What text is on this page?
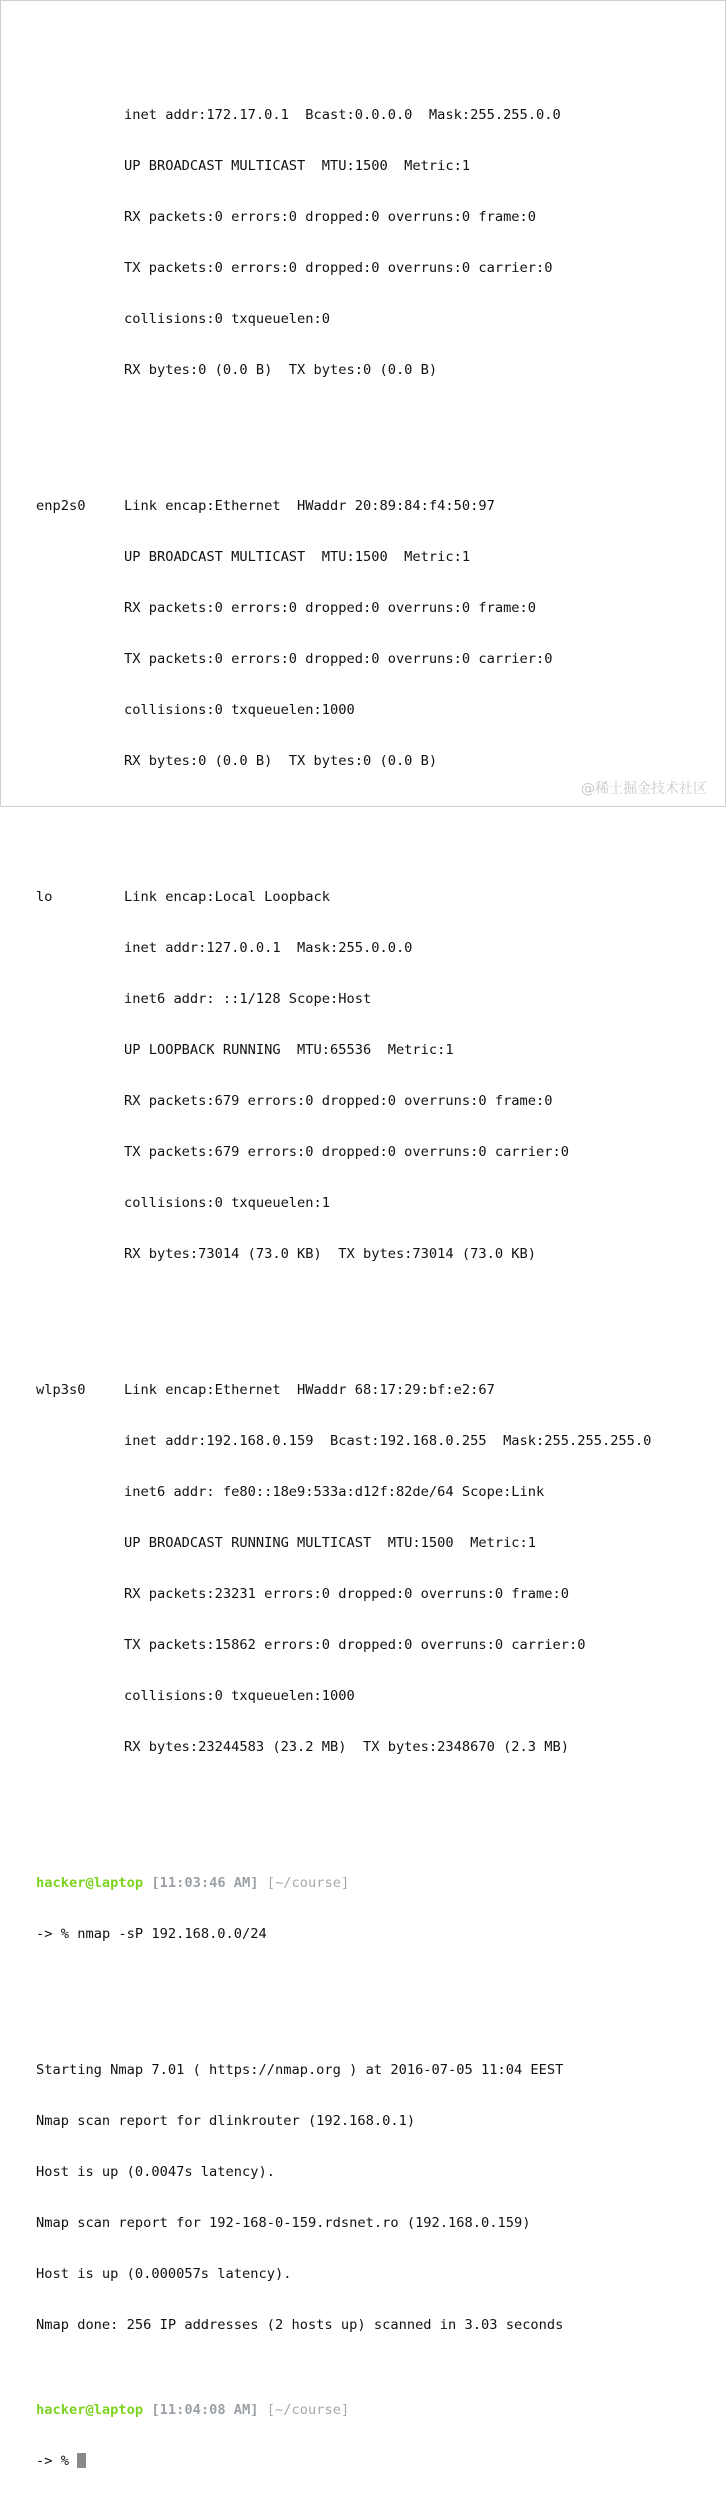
inet addr:172.17.0.1  Bcast:0.0.0.0  Mask:255.255.0.0

UP BROADCAST MULTICAST  MTU:1500  Metric:1

RX packets:0 errors:0 dropped:0 overruns:0 frame:0

TX packets:0 errors:0 dropped:0 overruns:0 carrier:0

collisions:0 txqueuelen:0

RX bytes:0 (0.0 B)  TX bytes:0 (0.0 B)

enp2s0	Link encap:Ethernet  HWaddr 20:89:84:f4:50:97

UP BROADCAST MULTICAST  MTU:1500  Metric:1

RX packets:0 errors:0 dropped:0 overruns:0 frame:0

TX packets:0 errors:0 dropped:0 overruns:0 carrier:0

collisions:0 txqueuelen:1000

RX bytes:0 (0.0 B)  TX bytes:0 (0.0 B)

lo	Link encap:Local Loopback

inet addr:127.0.0.1  Mask:255.0.0.0

inet6 addr: ::1/128 Scope:Host

UP LOOPBACK RUNNING  MTU:65536  Metric:1

RX packets:679 errors:0 dropped:0 overruns:0 frame:0

TX packets:679 errors:0 dropped:0 overruns:0 carrier:0

collisions:0 txqueuelen:1

RX bytes:73014 (73.0 KB)  TX bytes:73014 (73.0 KB)

wlp3s0	Link encap:Ethernet  HWaddr 68:17:29:bf:e2:67

inet addr:192.168.0.159  Bcast:192.168.0.255  Mask:255.255.255.0

inet6 addr: fe80::18e9:533a:d12f:82de/64 Scope:Link

UP BROADCAST RUNNING MULTICAST  MTU:1500  Metric:1

RX packets:23231 errors:0 dropped:0 overruns:0 frame:0

TX packets:15862 errors:0 dropped:0 overruns:0 carrier:0

collisions:0 txqueuelen:1000

RX bytes:23244583 (23.2 MB)  TX bytes:2348670 (2.3 MB)

hacker@laptop [11:03:46 AM] [~/course]

-> % nmap -sP 192.168.0.0/24

Starting Nmap 7.01 ( https://nmap.org ) at 2016-07-05 11:04 EEST

Nmap scan report for dlinkrouter (192.168.0.1)

Host is up (0.0047s latency).

Nmap scan report for 192-168-0-159.rdsnet.ro (192.168.0.159)

Host is up (0.000057s latency).

Nmap done: 256 IP addresses (2 hosts up) scanned in 3.03 seconds

hacker@laptop [11:04:08 AM] [~/course]

-> %

@稀土掘金技术社区
